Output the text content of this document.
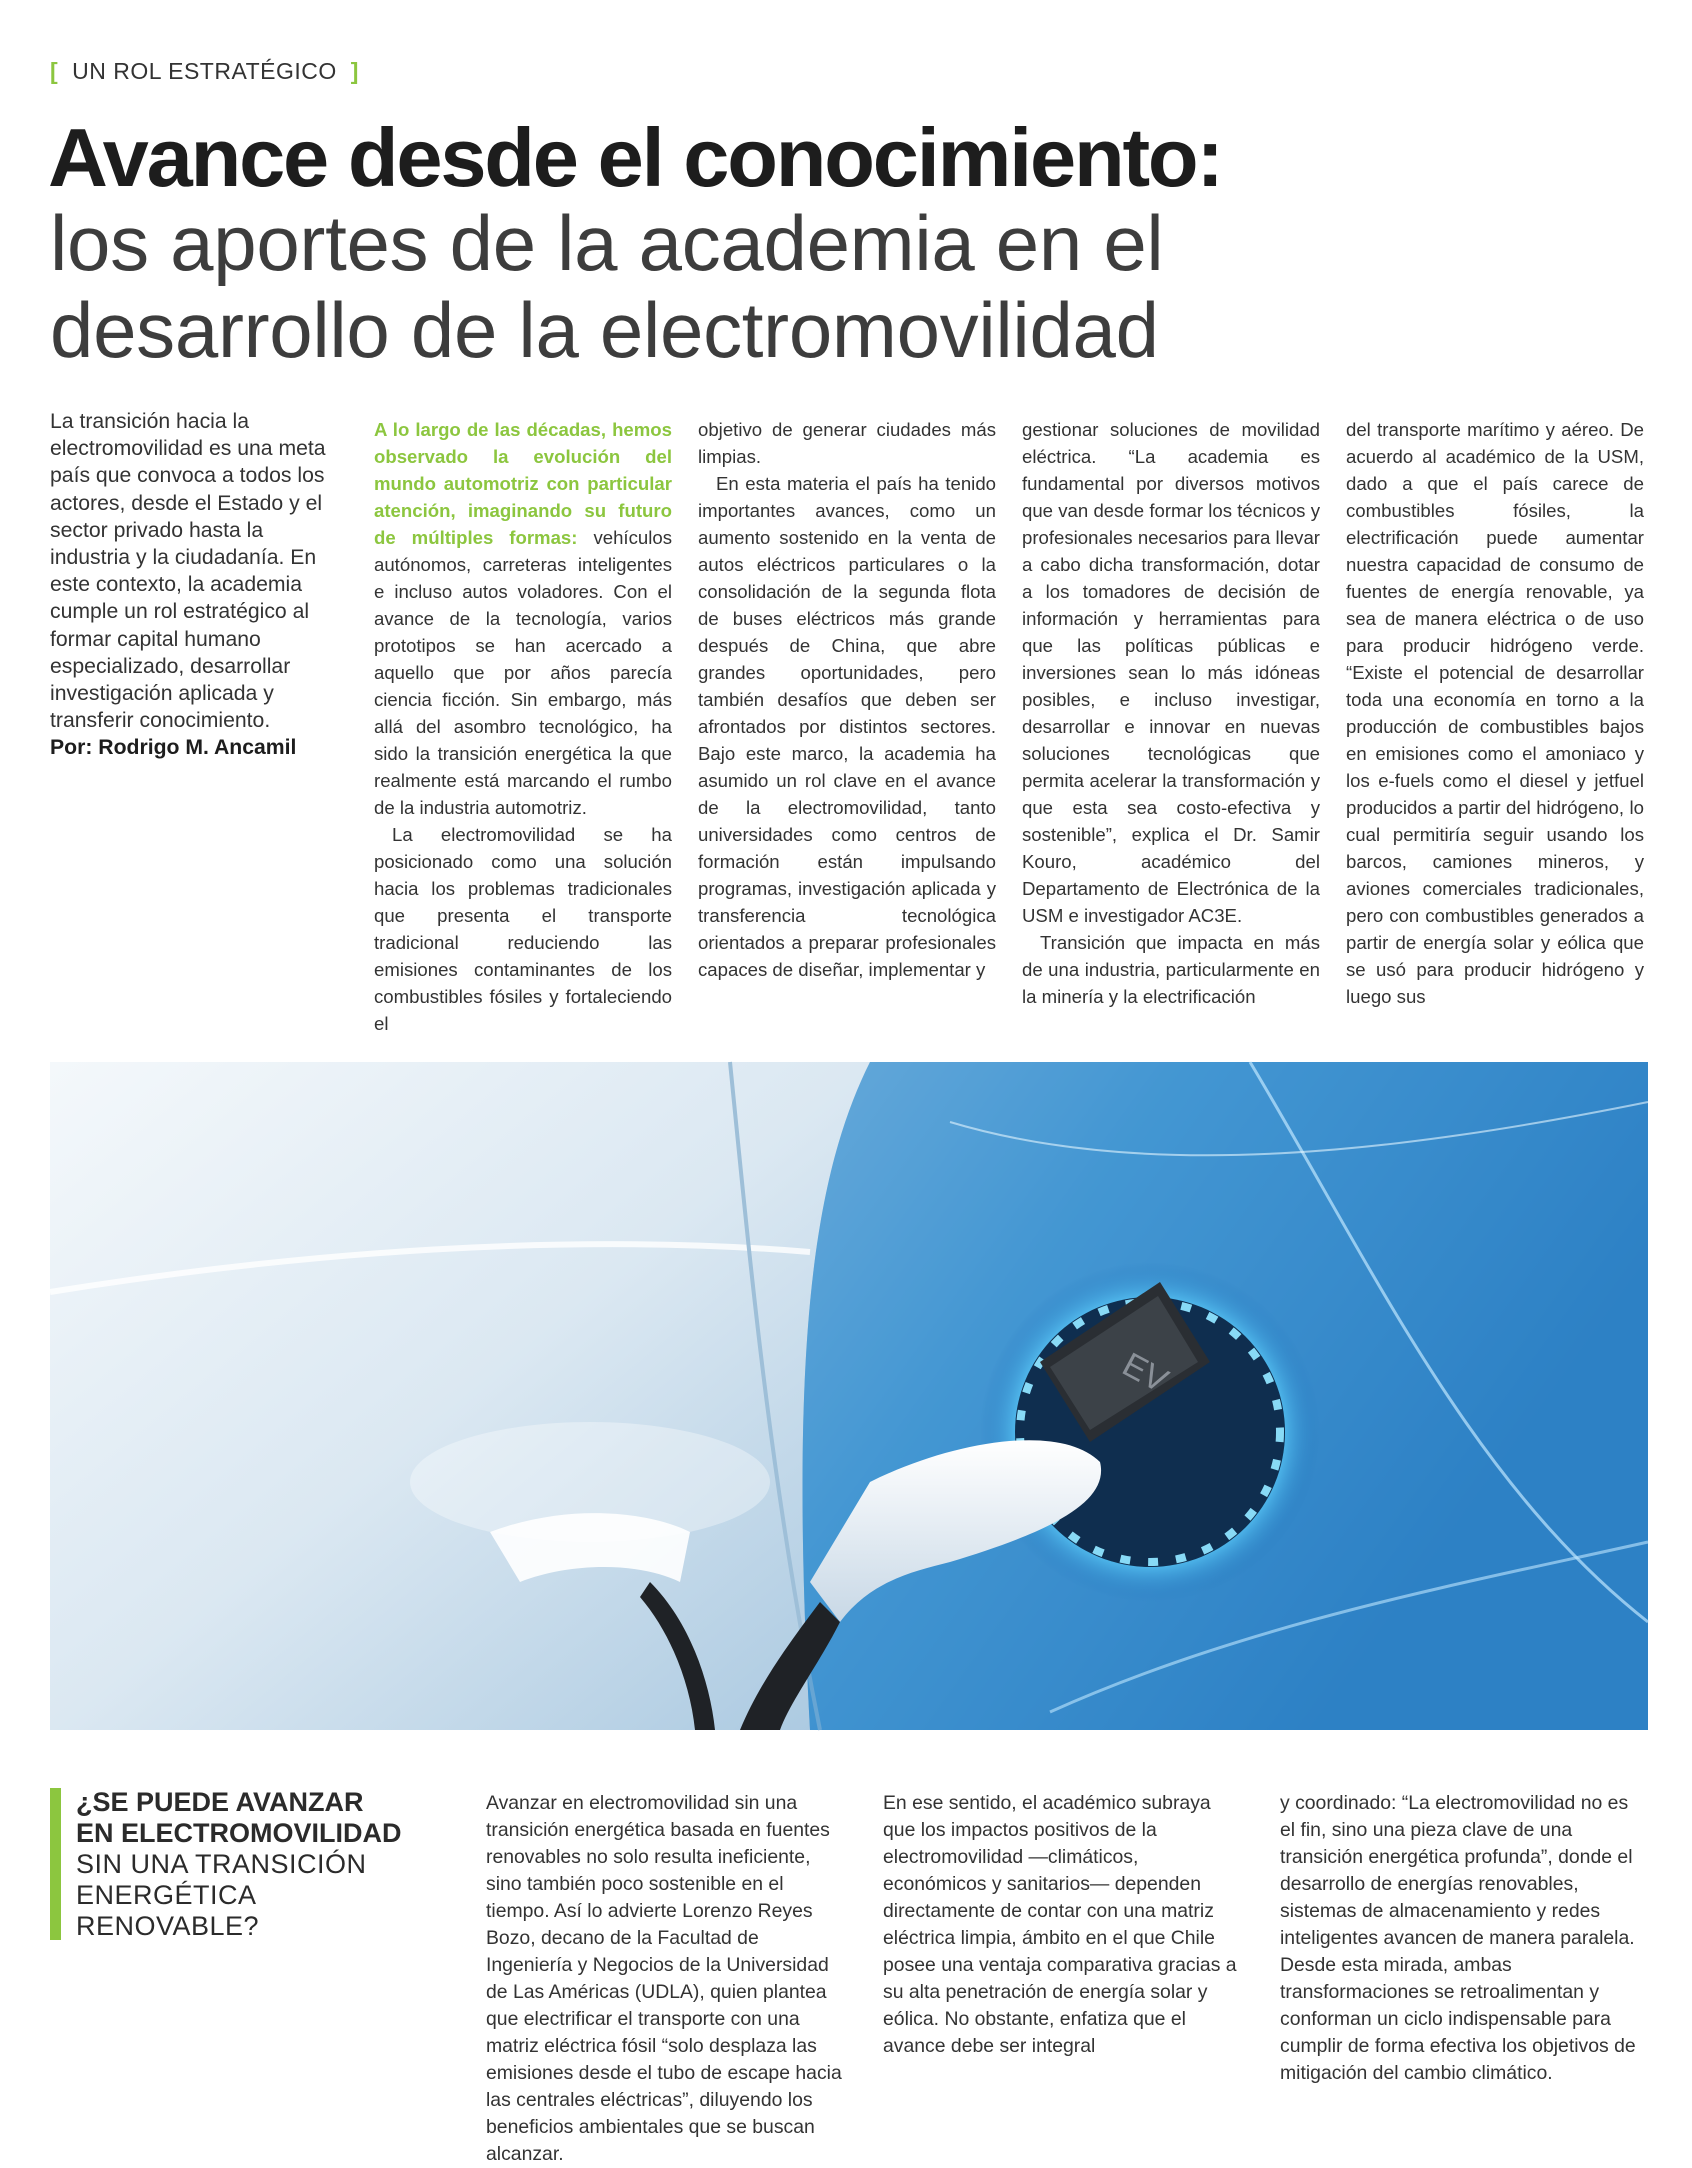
[ UN ROL ESTRATÉGICO ]
Avance desde el conocimiento:
los aportes de la academia en el
desarrollo de la electromovilidad
La transición hacia la electromovilidad es una meta país que convoca a todos los actores, desde el Estado y el sector privado hasta la industria y la ciudadanía. En este contexto, la academia cumple un rol estratégico al formar capital humano especializado, desarrollar investigación aplicada y transferir conocimiento.
Por: Rodrigo M. Ancamil

A lo largo de las décadas, hemos observado la evolución del mundo automotriz con particular atención, imaginando su futuro de múltiples formas: vehículos autónomos, carreteras inteligentes e incluso autos voladores. Con el avance de la tecnología, varios prototipos se han acercado a aquello que por años parecía ciencia ficción. Sin embargo, más allá del asombro tecnológico, ha sido la transición energética la que realmente está marcando el rumbo de la industria automotriz.

La electromovilidad se ha posicionado como una solución hacia los problemas tradicionales que presenta el transporte tradicional reduciendo las emisiones contaminantes de los combustibles fósiles y fortaleciendo el

objetivo de generar ciudades más limpias.

En esta materia el país ha tenido importantes avances, como un aumento sostenido en la venta de autos eléctricos particulares o la consolidación de la segunda flota de buses eléctricos más grande después de China, que abre grandes oportunidades, pero también desafíos que deben ser afrontados por distintos sectores. Bajo este marco, la academia ha asumido un rol clave en el avance de la electromovilidad, tanto universidades como centros de formación están impulsando programas, investigación aplicada y transferencia tecnológica orientados a preparar profesionales capaces de diseñar, implementar y

gestionar soluciones de movilidad eléctrica. “La academia es fundamental por diversos motivos que van desde formar los técnicos y profesionales necesarios para llevar a cabo dicha transformación, dotar a los tomadores de decisión de información y herramientas para que las políticas públicas e inversiones sean lo más idóneas posibles, e incluso investigar, desarrollar e innovar en nuevas soluciones tecnológicas que permita acelerar la transformación y que esta sea costo-efectiva y sostenible”, explica el Dr. Samir Kouro, académico del Departamento de Electrónica de la USM e investigador AC3E.

Transición que impacta en más de una industria, particularmente en la minería y la electrificación

del transporte marítimo y aéreo. De acuerdo al académico de la USM, dado a que el país carece de combustibles fósiles, la electrificación puede aumentar nuestra capacidad de consumo de fuentes de energía renovable, ya sea de manera eléctrica o de uso para producir hidrógeno verde. “Existe el potencial de desarrollar toda una economía en torno a la producción de combustibles bajos en emisiones como el amoniaco y los e-fuels como el diesel y jetfuel producidos a partir del hidrógeno, lo cual permitiría seguir usando los barcos, camiones mineros, y aviones comerciales tradicionales, pero con combustibles generados a partir de energía solar y eólica que se usó para producir hidrógeno y luego sus

EV
¿SE PUEDE AVANZAR
EN ELECTROMOVILIDAD
SIN UNA TRANSICIÓN
ENERGÉTICA
RENOVABLE?

Avanzar en electromovilidad sin una transición energética basada en fuentes renovables no solo resulta ineficiente, sino también poco sostenible en el tiempo. Así lo advierte Lorenzo Reyes Bozo, decano de la Facultad de Ingeniería y Negocios de la Universidad de Las Américas (UDLA), quien plantea que electrificar el transporte con una matriz eléctrica fósil “solo desplaza las emisiones desde el tubo de escape hacia las centrales eléctricas”, diluyendo los beneficios ambientales que se buscan alcanzar.

En ese sentido, el académico subraya que los impactos positivos de la electromovilidad —climáticos, económicos y sanitarios— dependen directamente de contar con una matriz eléctrica limpia, ámbito en el que Chile posee una ventaja comparativa gracias a su alta penetración de energía solar y eólica. No obstante, enfatiza que el avance debe ser integral

y coordinado: “La electromovilidad no es el fin, sino una pieza clave de una transición energética profunda”, donde el desarrollo de energías renovables, sistemas de almacenamiento y redes inteligentes avancen de manera paralela. Desde esta mirada, ambas transformaciones se retroalimentan y conforman un ciclo indispensable para cumplir de forma efectiva los objetivos de mitigación del cambio climático.
